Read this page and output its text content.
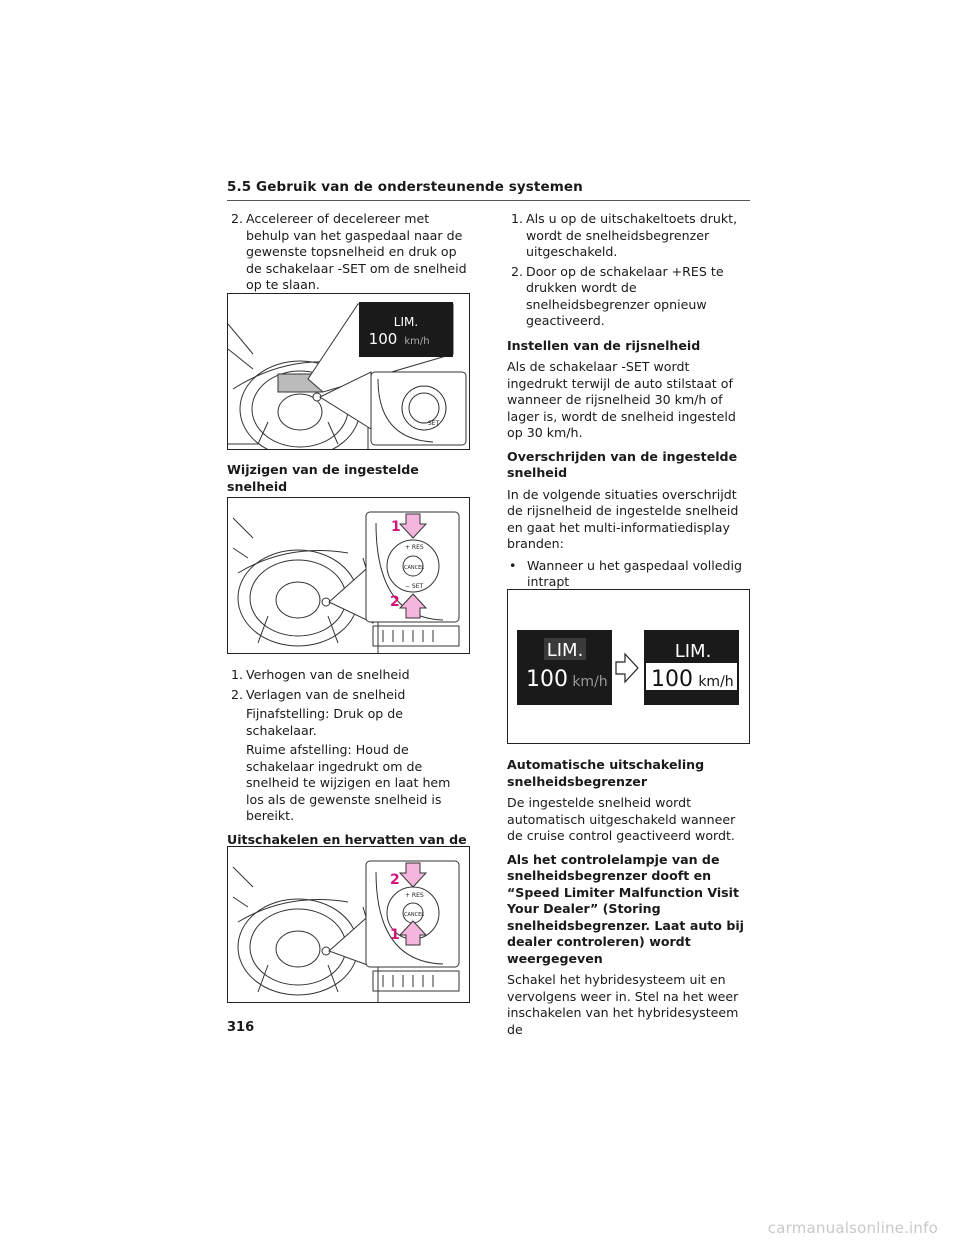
5.5 Gebruik van de ondersteunende systemen
2. Accelereer of decelereer met behulp van het gaspedaal naar de gewenste topsnelheid en druk op de schakelaar -SET om de snelheid op te slaan.
LIM.
100 km/h
− SET
Wijzigen van de ingestelde snelheid
+ RES
CANCEL
− SET
1
2
1. Verhogen van de snelheid
2. Verlagen van de snelheid

Fijnafstelling: Druk op de schakelaar.

Ruime afstelling: Houd de schakelaar ingedrukt om de snelheid te wijzigen en laat hem los als de gewenste snelheid is bereikt.

Uitschakelen en hervatten van de

+ RES
CANCEL
2
1
316
1. Als u op de uitschakeltoets drukt, wordt de snelheidsbegrenzer uitgeschakeld.
2. Door op de schakelaar +RES te drukken wordt de snelheidsbegrenzer opnieuw geactiveerd.

Instellen van de rijsnelheid

Als de schakelaar -SET wordt ingedrukt terwijl de auto stilstaat of wanneer de rijsnelheid 30 km/h of lager is, wordt de snelheid ingesteld op 30 km/h.

Overschrijden van de ingestelde snelheid

In de volgende situaties overschrijdt de rijsnelheid de ingestelde snelheid en gaat het multi-informatiedisplay branden:

• Wanneer u het gaspedaal volledig intrapt
LIM.
100 km/h
LIM.
100 km/h

Automatische uitschakeling snelheidsbegrenzer

De ingestelde snelheid wordt automatisch uitgeschakeld wanneer de cruise control geactiveerd wordt.

Als het controlelampje van de snelheidsbegrenzer dooft en “Speed Limiter Malfunction Visit Your Dealer” (Storing snelheidsbegrenzer. Laat auto bij dealer controleren) wordt weergegeven

Schakel het hybridesysteem uit en vervolgens weer in. Stel na het weer inschakelen van het hybridesysteem de

carmanualsonline.info
